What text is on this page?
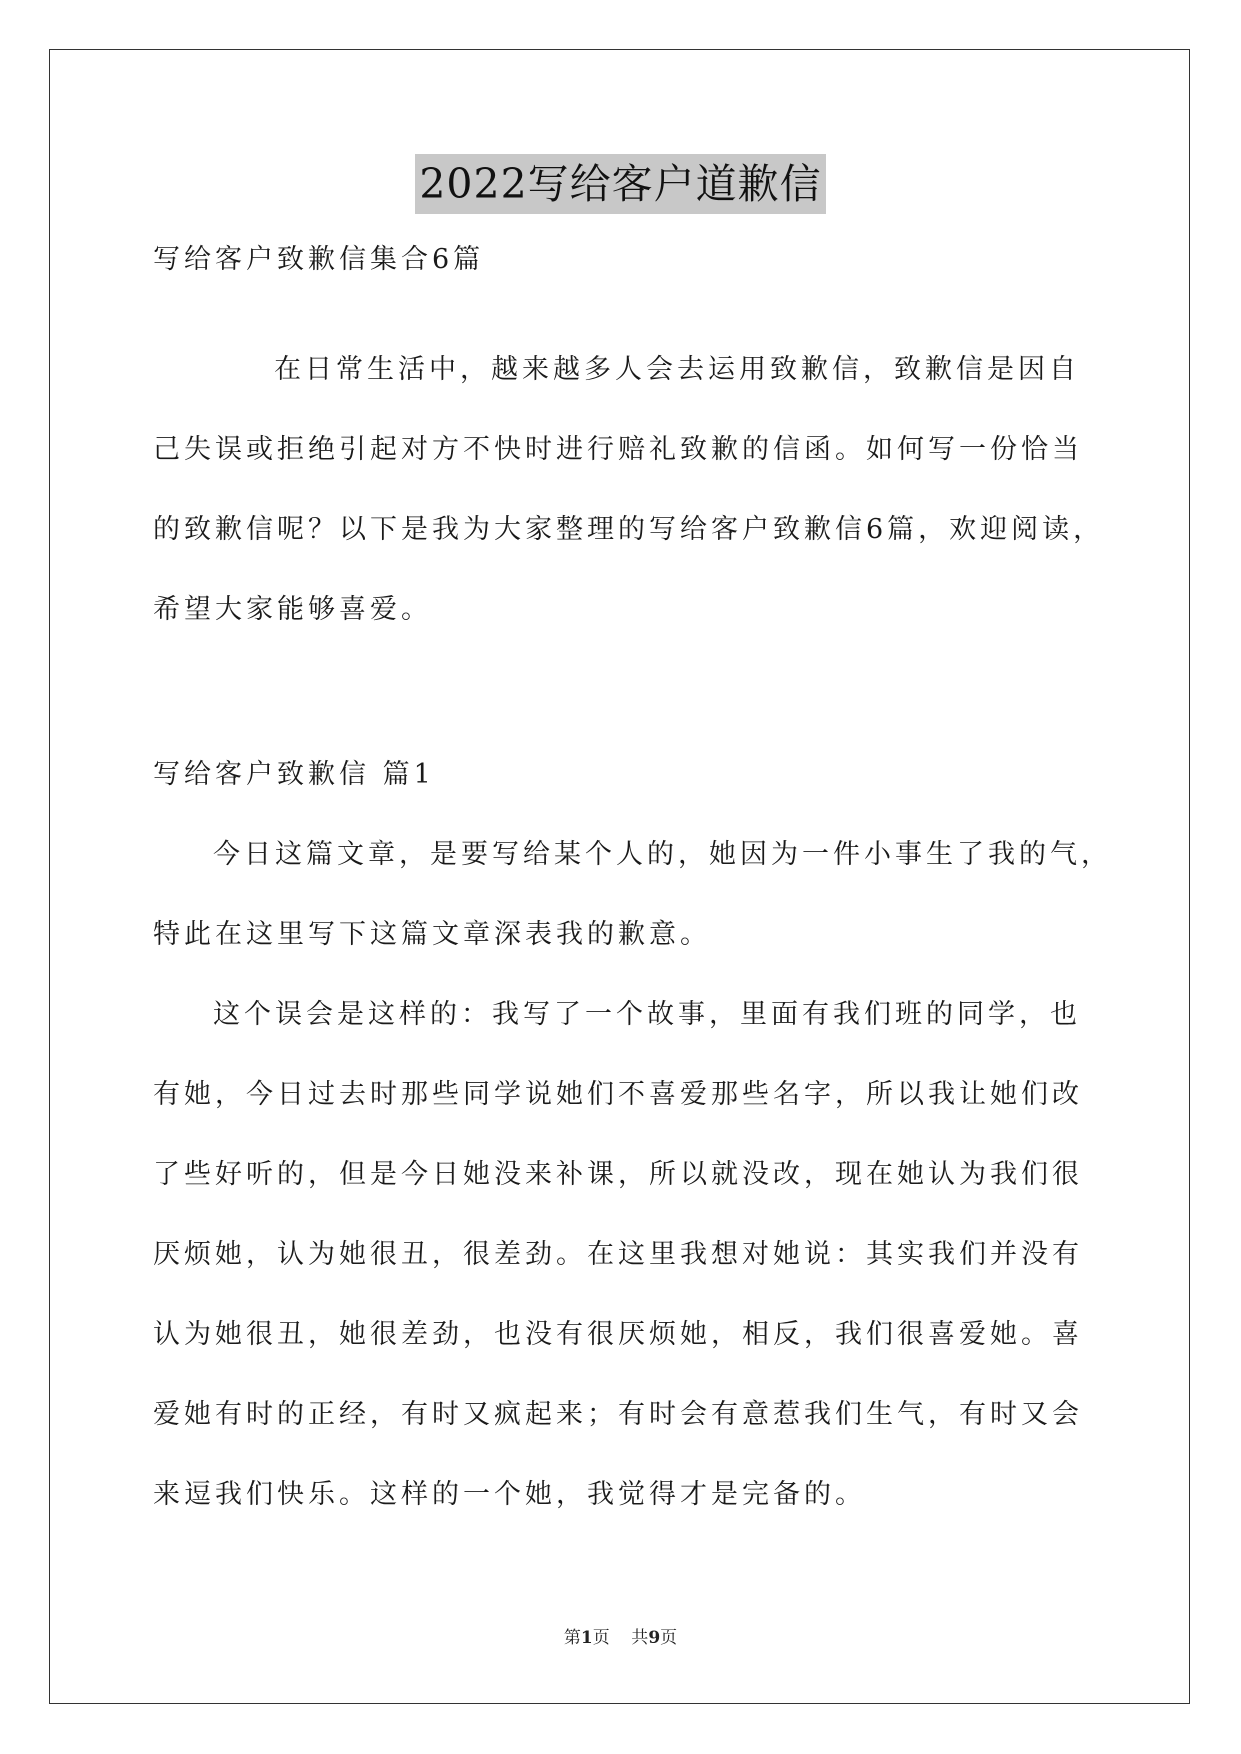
2022写给客户道歉信
写给客户致歉信集合6篇
在日常生活中，越来越多人会去运用致歉信，致歉信是因自
己失误或拒绝引起对方不快时进行赔礼致歉的信函。如何写一份恰当
的致歉信呢？以下是我为大家整理的写给客户致歉信6篇，欢迎阅读，
希望大家能够喜爱。
写给客户致歉信 篇1
今日这篇文章，是要写给某个人的，她因为一件小事生了我的气，
特此在这里写下这篇文章深表我的歉意。
这个误会是这样的：我写了一个故事，里面有我们班的同学，也
有她，今日过去时那些同学说她们不喜爱那些名字，所以我让她们改
了些好听的，但是今日她没来补课，所以就没改，现在她认为我们很
厌烦她，认为她很丑，很差劲。在这里我想对她说：其实我们并没有
认为她很丑，她很差劲，也没有很厌烦她，相反，我们很喜爱她。喜
爱她有时的正经，有时又疯起来；有时会有意惹我们生气，有时又会
来逗我们快乐。这样的一个她，我觉得才是完备的。
第1页    共9页
